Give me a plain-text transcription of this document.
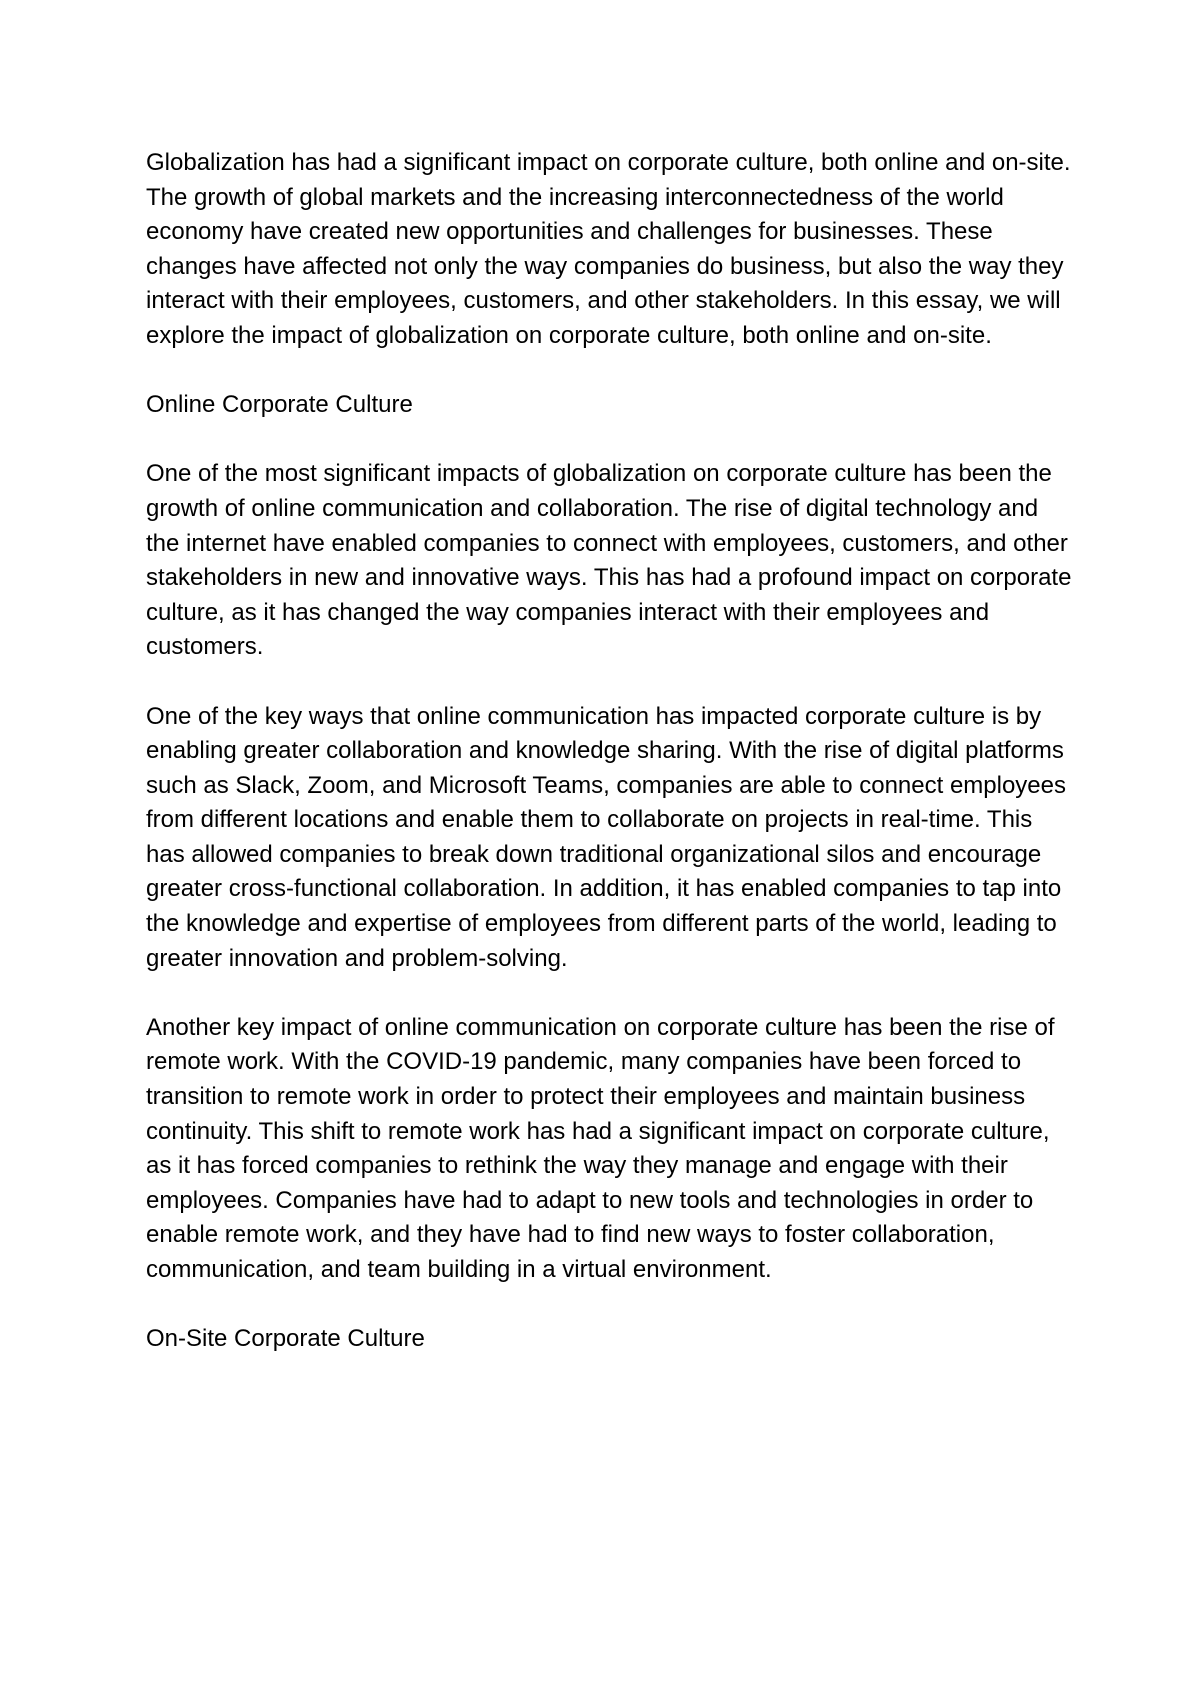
Globalization has had a significant impact on corporate culture, both online and on-site. The growth of global markets and the increasing interconnectedness of the world economy have created new opportunities and challenges for businesses. These changes have affected not only the way companies do business, but also the way they interact with their employees, customers, and other stakeholders. In this essay, we will explore the impact of globalization on corporate culture, both online and on-site.

Online Corporate Culture

One of the most significant impacts of globalization on corporate culture has been the growth of online communication and collaboration. The rise of digital technology and the internet have enabled companies to connect with employees, customers, and other stakeholders in new and innovative ways. This has had a profound impact on corporate culture, as it has changed the way companies interact with their employees and customers.

One of the key ways that online communication has impacted corporate culture is by enabling greater collaboration and knowledge sharing. With the rise of digital platforms such as Slack, Zoom, and Microsoft Teams, companies are able to connect employees from different locations and enable them to collaborate on projects in real-time. This has allowed companies to break down traditional organizational silos and encourage greater cross-functional collaboration. In addition, it has enabled companies to tap into the knowledge and expertise of employees from different parts of the world, leading to greater innovation and problem-solving.

Another key impact of online communication on corporate culture has been the rise of remote work. With the COVID-19 pandemic, many companies have been forced to transition to remote work in order to protect their employees and maintain business continuity. This shift to remote work has had a significant impact on corporate culture, as it has forced companies to rethink the way they manage and engage with their employees. Companies have had to adapt to new tools and technologies in order to enable remote work, and they have had to find new ways to foster collaboration, communication, and team building in a virtual environment.

On-Site Corporate Culture
